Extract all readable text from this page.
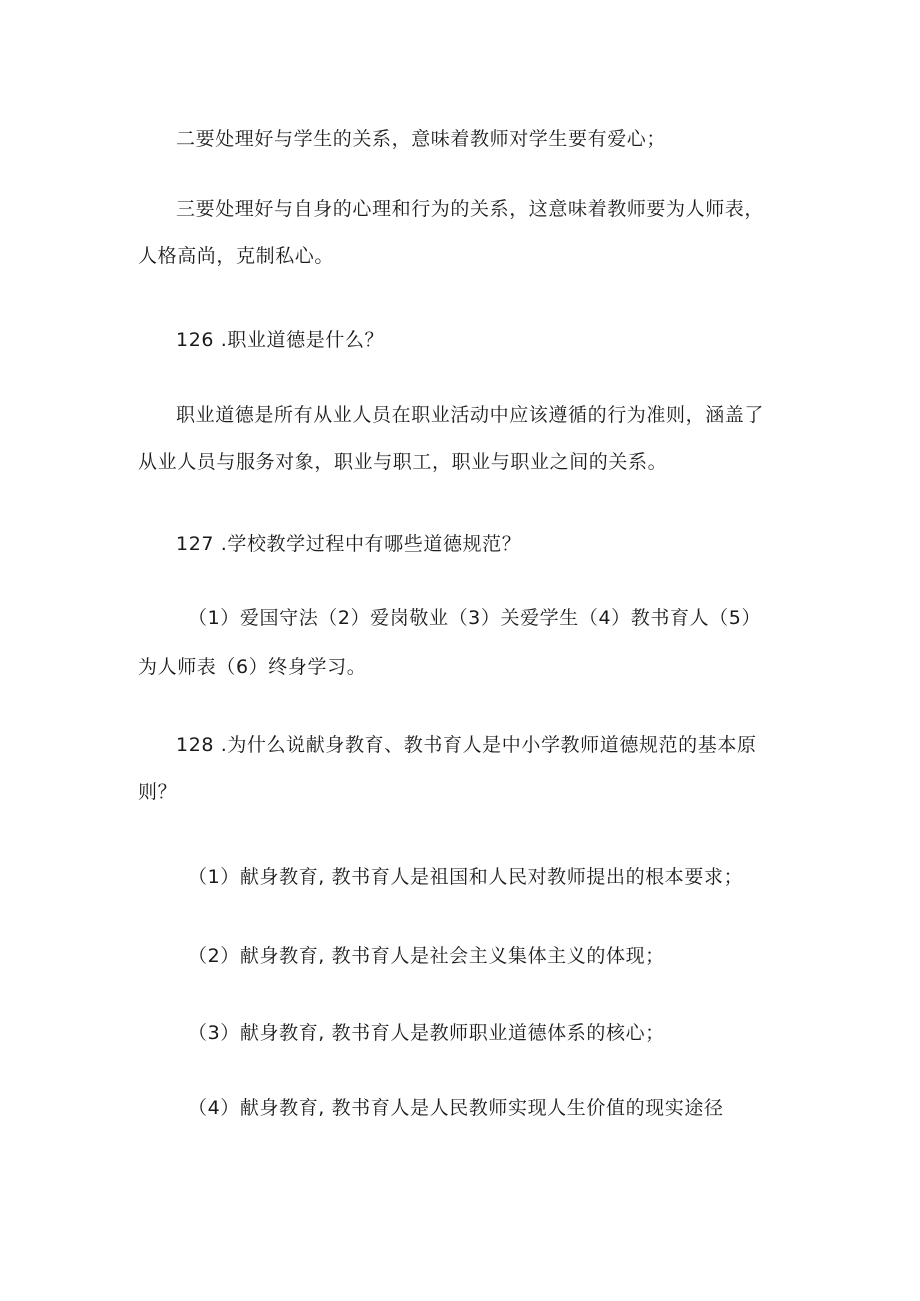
二要处理好与学生的关系，意味着教师对学生要有爱心；
三要处理好与自身的心理和行为的关系，这意味着教师要为人师表，
人格高尚，克制私心。
126 .职业道德是什么？
职业道德是所有从业人员在职业活动中应该遵循的行为准则，涵盖了
从业人员与服务对象，职业与职工，职业与职业之间的关系。
127 .学校教学过程中有哪些道德规范？
（1）爱国守法（2）爱岗敬业（3）关爱学生（4）教书育人（5）
为人师表（6）终身学习。
128 .为什么说献身教育、教书育人是中小学教师道德规范的基本原
则？
（1）献身教育, 教书育人是祖国和人民对教师提出的根本要求；
（2）献身教育, 教书育人是社会主义集体主义的体现；
（3）献身教育, 教书育人是教师职业道德体系的核心；
（4）献身教育, 教书育人是人民教师实现人生价值的现实途径
